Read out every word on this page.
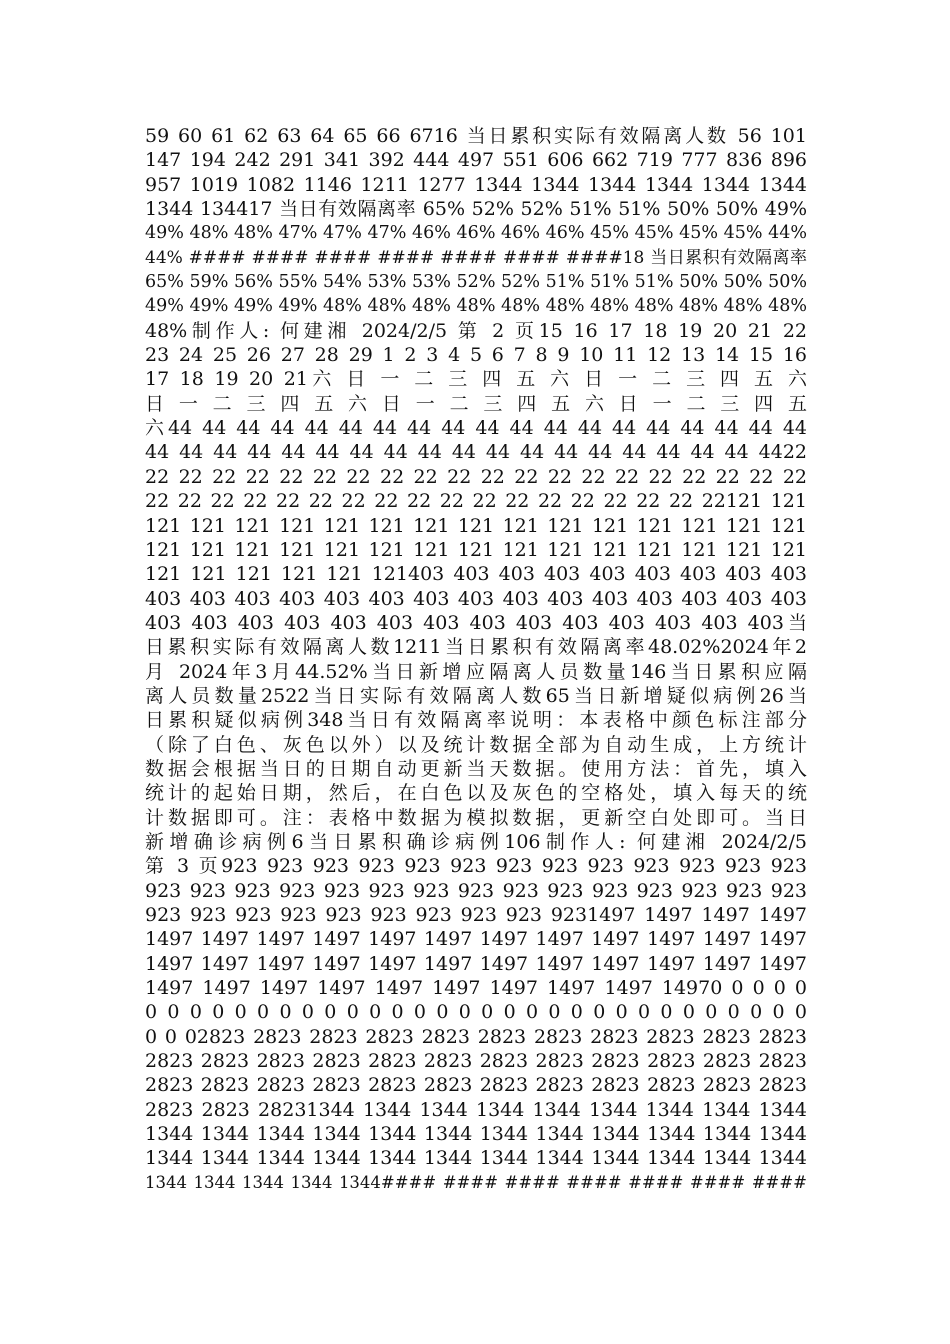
59 60 61 62 63 64 65 66 6716 当日累积实际有效隔离人数 56 101
147 194 242 291 341 392 444 497 551 606 662 719 777 836 896
957 1019 1082 1146 1211 1277 1344 1344 1344 1344 1344 1344
1344 134417 当日有效隔离率 65% 52% 52% 51% 51% 50% 50% 49%
49% 48% 48% 47% 47% 47% 46% 46% 46% 46% 45% 45% 45% 45% 44%
44% #### #### #### #### #### #### ####18 当日累积有效隔离率
65% 59% 56% 55% 54% 53% 53% 52% 52% 51% 51% 51% 50% 50% 50%
49% 49% 49% 49% 48% 48% 48% 48% 48% 48% 48% 48% 48% 48% 48%
48%制作人: 何建湘 2024/2/5 第 2 页15 16 17 18 19 20 21 22
23 24 25 26 27 28 29 1 2 3 4 5 6 7 8 9 10 11 12 13 14 15 16
17 18 19 20 21六 日 一 二 三 四 五 六 日 一 二 三 四 五 六
日 一 二 三 四 五 六 日 一 二 三 四 五 六 日 一 二 三 四 五
六44 44 44 44 44 44 44 44 44 44 44 44 44 44 44 44 44 44 44
44 44 44 44 44 44 44 44 44 44 44 44 44 44 44 44 44 44 4422
22 22 22 22 22 22 22 22 22 22 22 22 22 22 22 22 22 22 22 22
22 22 22 22 22 22 22 22 22 22 22 22 22 22 22 22 22 22121 121
121 121 121 121 121 121 121 121 121 121 121 121 121 121 121
121 121 121 121 121 121 121 121 121 121 121 121 121 121 121
121 121 121 121 121 121403 403 403 403 403 403 403 403 403
403 403 403 403 403 403 403 403 403 403 403 403 403 403 403
403 403 403 403 403 403 403 403 403 403 403 403 403 403当
日累积实际有效隔离人数1211当日累积有效隔离率48.02%2024年2
月 2024年3月44.52%当日新增应隔离人员数量146当日累积应隔
离人员数量2522当日实际有效隔离人数65当日新增疑似病例26当
日累积疑似病例348当日有效隔离率说明：本表格中颜色标注部分
（除了白色、灰色以外）以及统计数据全部为自动生成，上方统计
数据会根据当日的日期自动更新当天数据。使用方法：首先，填入
统计的起始日期，然后，在白色以及灰色的空格处，填入每天的统
计数据即可。注：表格中数据为模拟数据，更新空白处即可。当日
新增确诊病例6当日累积确诊病例106制作人: 何建湘 2024/2/5
第 3 页923 923 923 923 923 923 923 923 923 923 923 923 923
923 923 923 923 923 923 923 923 923 923 923 923 923 923 923
923 923 923 923 923 923 923 923 923 9231497 1497 1497 1497
1497 1497 1497 1497 1497 1497 1497 1497 1497 1497 1497 1497
1497 1497 1497 1497 1497 1497 1497 1497 1497 1497 1497 1497
1497 1497 1497 1497 1497 1497 1497 1497 1497 14970 0 0 0 0
0 0 0 0 0 0 0 0 0 0 0 0 0 0 0 0 0 0 0 0 0 0 0 0 0 0 0 0 0 0
0 0 02823 2823 2823 2823 2823 2823 2823 2823 2823 2823 2823
2823 2823 2823 2823 2823 2823 2823 2823 2823 2823 2823 2823
2823 2823 2823 2823 2823 2823 2823 2823 2823 2823 2823 2823
2823 2823 28231344 1344 1344 1344 1344 1344 1344 1344 1344
1344 1344 1344 1344 1344 1344 1344 1344 1344 1344 1344 1344
1344 1344 1344 1344 1344 1344 1344 1344 1344 1344 1344 1344
1344 1344 1344 1344 1344#### #### #### #### #### #### ####
